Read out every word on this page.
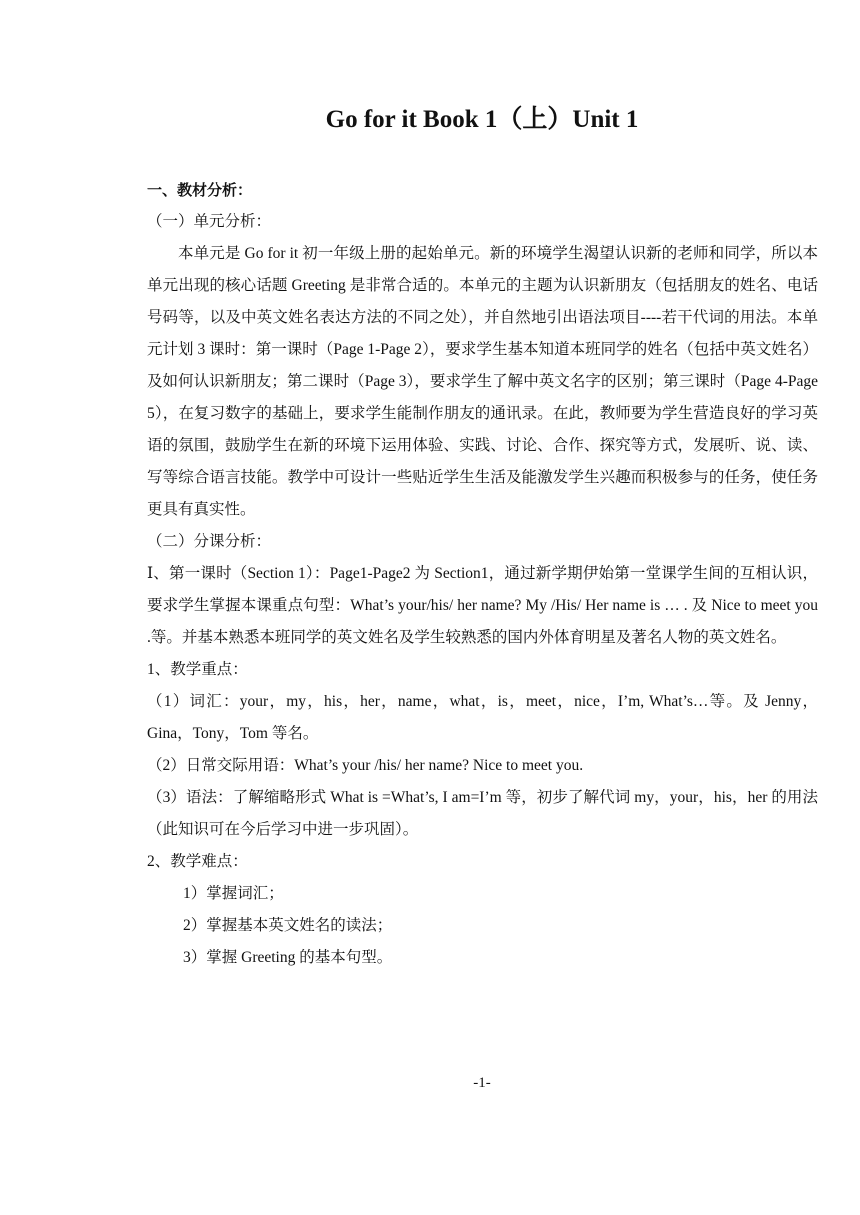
Go for it Book 1（上）Unit 1

一、教材分析：

（一）单元分析：

本单元是 Go for it 初一年级上册的起始单元。新的环境学生渴望认识新的老师和同学，所以本单元出现的核心话题 Greeting 是非常合适的。本单元的主题为认识新朋友（包括朋友的姓名、电话号码等，以及中英文姓名表达方法的不同之处），并自然地引出语法项目----若干代词的用法。本单元计划 3 课时：第一课时（Page 1-Page 2），要求学生基本知道本班同学的姓名（包括中英文姓名）及如何认识新朋友；第二课时（Page 3），要求学生了解中英文名字的区别；第三课时（Page 4-Page 5），在复习数字的基础上，要求学生能制作朋友的通讯录。在此，教师要为学生营造良好的学习英语的氛围，鼓励学生在新的环境下运用体验、实践、讨论、合作、探究等方式，发展听、说、读、写等综合语言技能。教学中可设计一些贴近学生生活及能激发学生兴趣而积极参与的任务，使任务更具有真实性。

（二）分课分析：

Ⅰ、第一课时（Section 1）：Page1-Page2 为 Section1，通过新学期伊始第一堂课学生间的互相认识，要求学生掌握本课重点句型：What’s your/his/ her name? My /His/ Her name is … . 及 Nice to meet you .等。并基本熟悉本班同学的英文姓名及学生较熟悉的国内外体育明星及著名人物的英文姓名。

1、教学重点：

（1）词汇：your，my，his，her，name，what，is，meet，nice，I’m, What’s…等。及 Jenny，Gina，Tony，Tom 等名。

（2）日常交际用语：What’s your /his/ her name? Nice to meet you.

（3）语法：了解缩略形式 What is =What’s, I am=I’m 等，初步了解代词 my，your，his，her 的用法（此知识可在今后学习中进一步巩固）。

2、教学难点：

1）掌握词汇；

2）掌握基本英文姓名的读法；

3）掌握 Greeting 的基本句型。

-1-
